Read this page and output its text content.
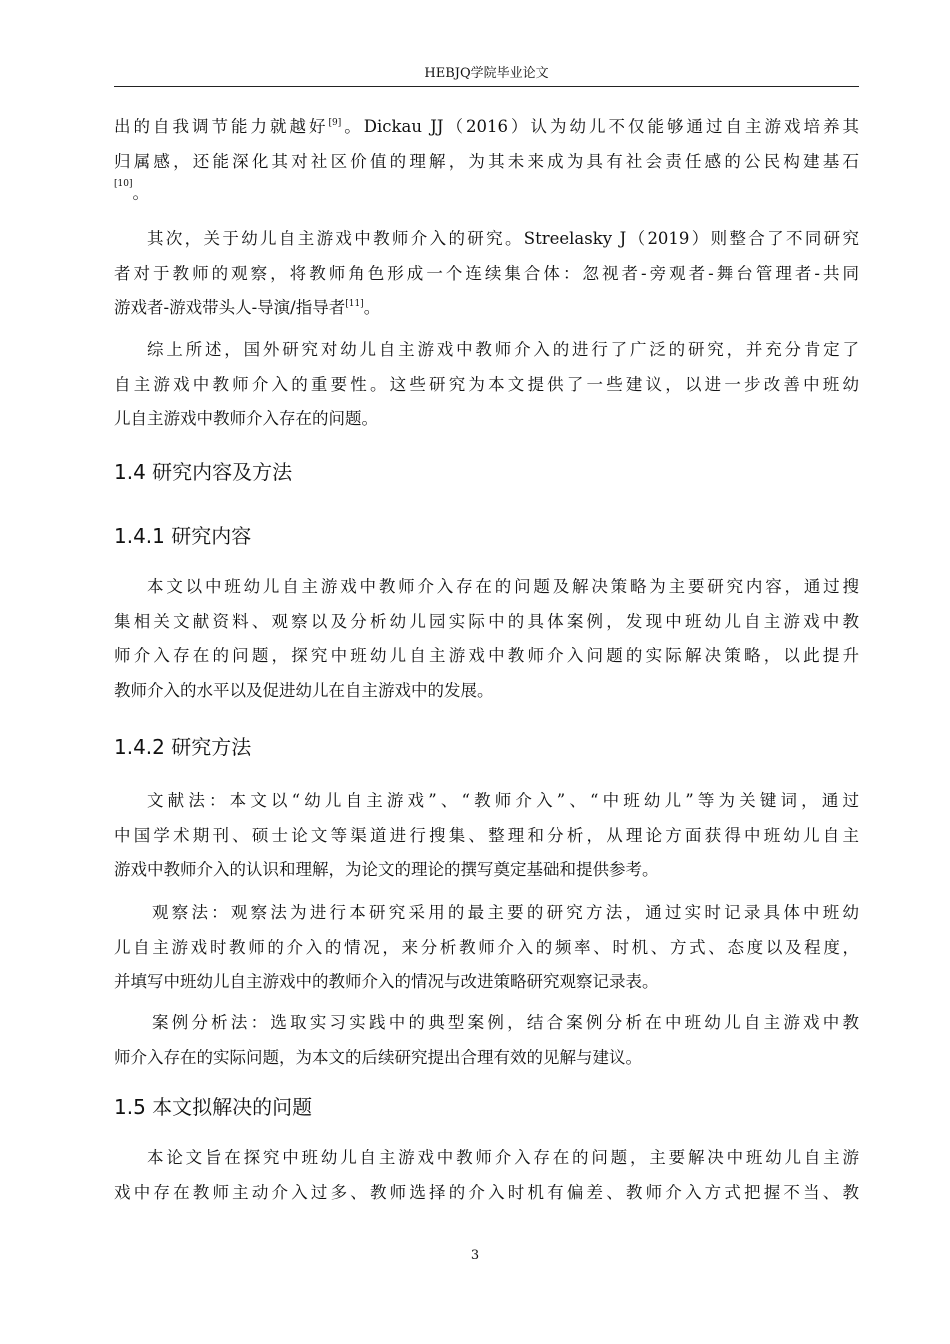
HEBJQ学院毕业论文
出的自我调节能力就越好[9]。Dickau JJ（2016）认为幼儿不仅能够通过自主游戏培养其
归属感，还能深化其对社区价值的理解，为其未来成为具有社会责任感的公民构建基石
[10]。
其次，关于幼儿自主游戏中教师介入的研究。Streelasky J（2019）则整合了不同研究
者对于教师的观察，将教师角色形成一个连续集合体：忽视者-旁观者-舞台管理者-共同
游戏者-游戏带头人-导演/指导者[11]。
综上所述，国外研究对幼儿自主游戏中教师介入的进行了广泛的研究，并充分肯定了
自主游戏中教师介入的重要性。这些研究为本文提供了一些建议，以进一步改善中班幼
儿自主游戏中教师介入存在的问题。
1.4 研究内容及方法
1.4.1 研究内容
本文以中班幼儿自主游戏中教师介入存在的问题及解决策略为主要研究内容，通过搜
集相关文献资料、观察以及分析幼儿园实际中的具体案例，发现中班幼儿自主游戏中教
师介入存在的问题，探究中班幼儿自主游戏中教师介入问题的实际解决策略，以此提升
教师介入的水平以及促进幼儿在自主游戏中的发展。
1.4.2 研究方法
文献法：本文以“幼儿自主游戏”、“教师介入”、“中班幼儿”等为关键词，通过
中国学术期刊、硕士论文等渠道进行搜集、整理和分析，从理论方面获得中班幼儿自主
游戏中教师介入的认识和理解，为论文的理论的撰写奠定基础和提供参考。
观察法：观察法为进行本研究采用的最主要的研究方法，通过实时记录具体中班幼
儿自主游戏时教师的介入的情况，来分析教师介入的频率、时机、方式、态度以及程度，
并填写中班幼儿自主游戏中的教师介入的情况与改进策略研究观察记录表。
案例分析法：选取实习实践中的典型案例，结合案例分析在中班幼儿自主游戏中教
师介入存在的实际问题，为本文的后续研究提出合理有效的见解与建议。
1.5 本文拟解决的问题
本论文旨在探究中班幼儿自主游戏中教师介入存在的问题，主要解决中班幼儿自主游
戏中存在教师主动介入过多、教师选择的介入时机有偏差、教师介入方式把握不当、教
3
